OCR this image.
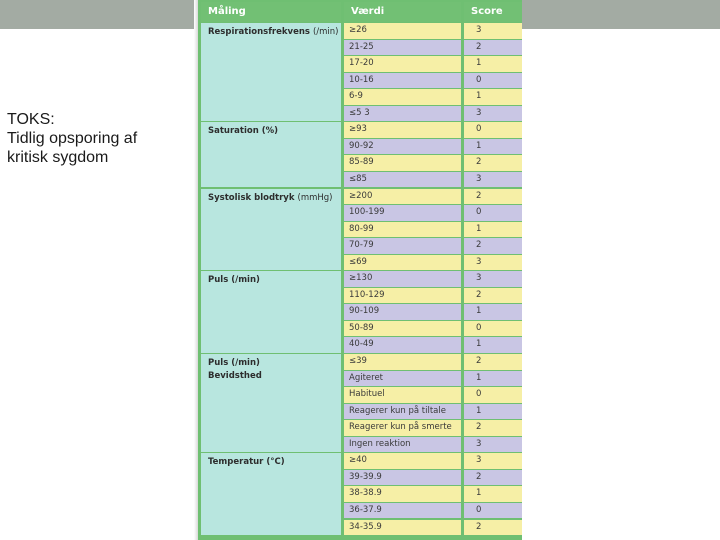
TOKS:
Tidlig opsporing af
kritisk sygdom
Måling	Værdi	Score
Respirationsfrekvens (/min)	≥26	3
21-25	2
17-20	1
10-16	0
6-9	1
≤5 3	3
Saturation (%)	≥93	0
90-92	1
85-89	2
≤85	3
Systolisk blodtryk (mmHg)	≥200	2
100-199	0
80-99	1
70-79	2
≤69	3
Puls (/min)	≥130	3
110-129	2
90-109	1
50-89	0
40-49	1
Puls (/min)
Bevidsthed
≤39	2
Agiteret	1
Habituel	0
Reagerer kun på tiltale	1
Reagerer kun på smerte	2
Ingen reaktion	3
Temperatur (°C)	≥40	3
39-39.9	2
38-38.9	1
36-37.9	0
34-35.9	2
